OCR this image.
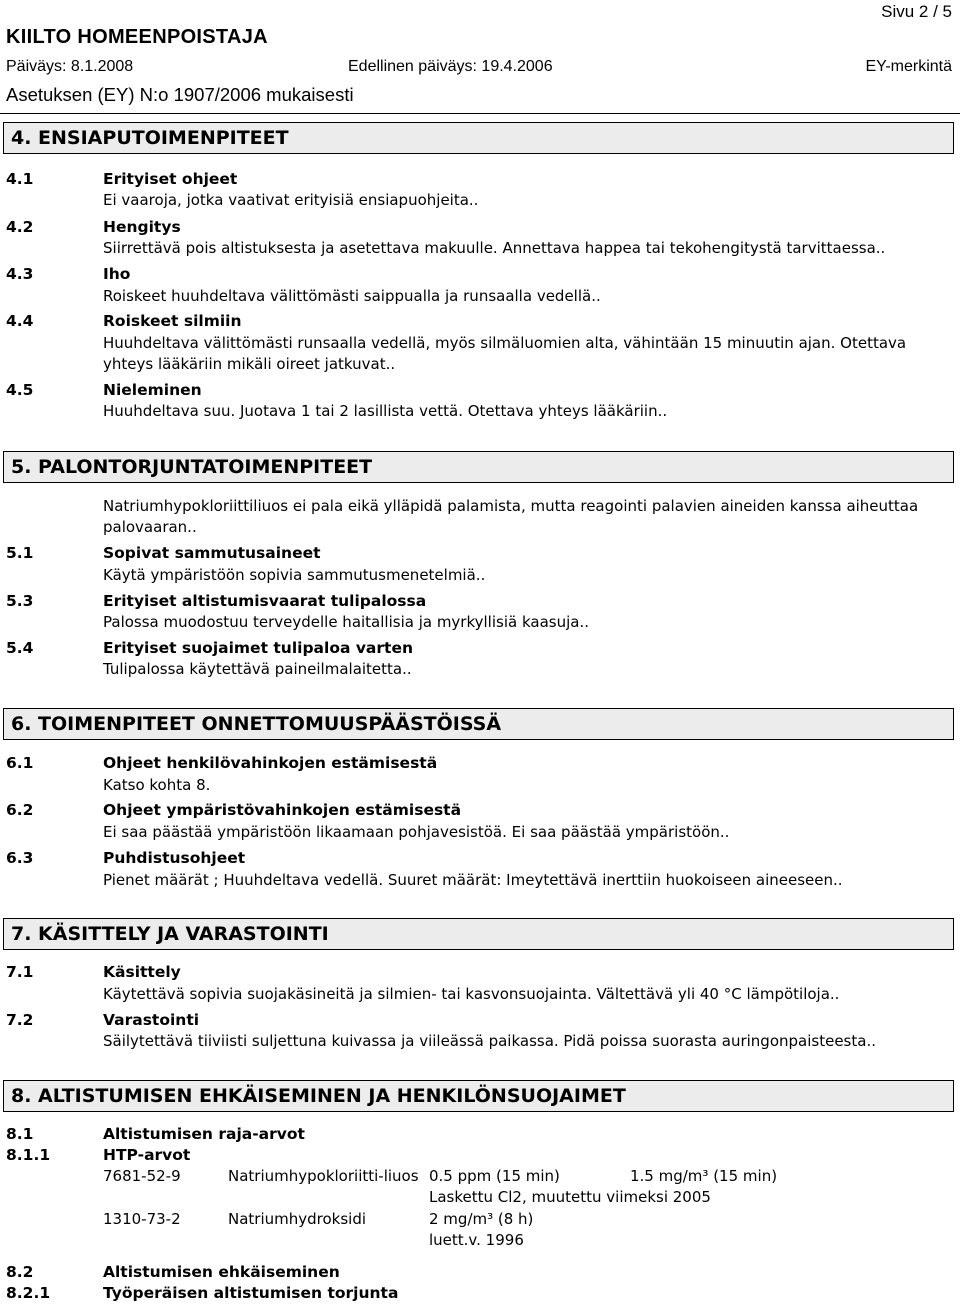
Sivu 2 / 5
KIILTO HOMEENPOISTAJA
Päiväys: 8.1.2008	Edellinen päiväys: 19.4.2006	EY-merkintä
Asetuksen (EY) N:o 1907/2006 mukaisesti
4. ENSIAPUTOIMENPITEET
4.1	Erityiset ohjeet
Ei vaaroja, jotka vaativat erityisiä ensiapuohjeita..
4.2	Hengitys
Siirrettävä pois altistuksesta ja asetettava makuulle. Annettava happea tai tekohengitystä tarvittaessa..
4.3	Iho
Roiskeet huuhdeltava välittömästi saippualla ja runsaalla vedellä..
4.4	Roiskeet silmiin
Huuhdeltava välittömästi runsaalla vedellä, myös silmäluomien alta, vähintään 15 minuutin ajan. Otettava
yhteys lääkäriin mikäli oireet jatkuvat..
4.5	Nieleminen
Huuhdeltava suu. Juotava 1 tai 2 lasillista vettä. Otettava yhteys lääkäriin..
5. PALONTORJUNTATOIMENPITEET
Natriumhypokloriittiliuos ei pala eikä ylläpidä palamista, mutta reagointi palavien aineiden kanssa aiheuttaa
palovaaran..
5.1	Sopivat sammutusaineet
Käytä ympäristöön sopivia sammutusmenetelmiä..
5.3	Erityiset altistumisvaarat tulipalossa
Palossa muodostuu terveydelle haitallisia ja myrkyllisiä kaasuja..
5.4	Erityiset suojaimet tulipaloa varten
Tulipalossa käytettävä paineilmalaitetta..
6. TOIMENPITEET ONNETTOMUUSPÄÄSTÖISSÄ
6.1	Ohjeet henkilövahinkojen estämisestä
Katso kohta 8.
6.2	Ohjeet ympäristövahinkojen estämisestä
Ei saa päästää ympäristöön likaamaan pohjavesistöä. Ei saa päästää ympäristöön..
6.3	Puhdistusohjeet
Pienet määrät ; Huuhdeltava vedellä. Suuret määrät: Imeytettävä inerttiin huokoiseen aineeseen..
7. KÄSITTELY JA VARASTOINTI
7.1	Käsittely
Käytettävä sopivia suojakäsineitä ja silmien- tai kasvonsuojainta. Vältettävä yli 40 °C lämpötiloja..
7.2	Varastointi
Säilytettävä tiiviisti suljettuna kuivassa ja viileässä paikassa. Pidä poissa suorasta auringonpaisteesta..
8. ALTISTUMISEN EHKÄISEMINEN JA HENKILÖNSUOJAIMET
8.1	Altistumisen raja-arvot
8.1.1	HTP-arvot
7681-52-9	Natriumhypokloriitti-liuos 0.5 ppm (15 min)	1.5 mg/m³ (15 min)
Laskettu Cl2, muutettu viimeksi 2005
1310-73-2	Natriumhydroksidi	2 mg/m³ (8 h)
luett.v. 1996
8.2	Altistumisen ehkäiseminen
8.2.1	Työperäisen altistumisen torjunta
